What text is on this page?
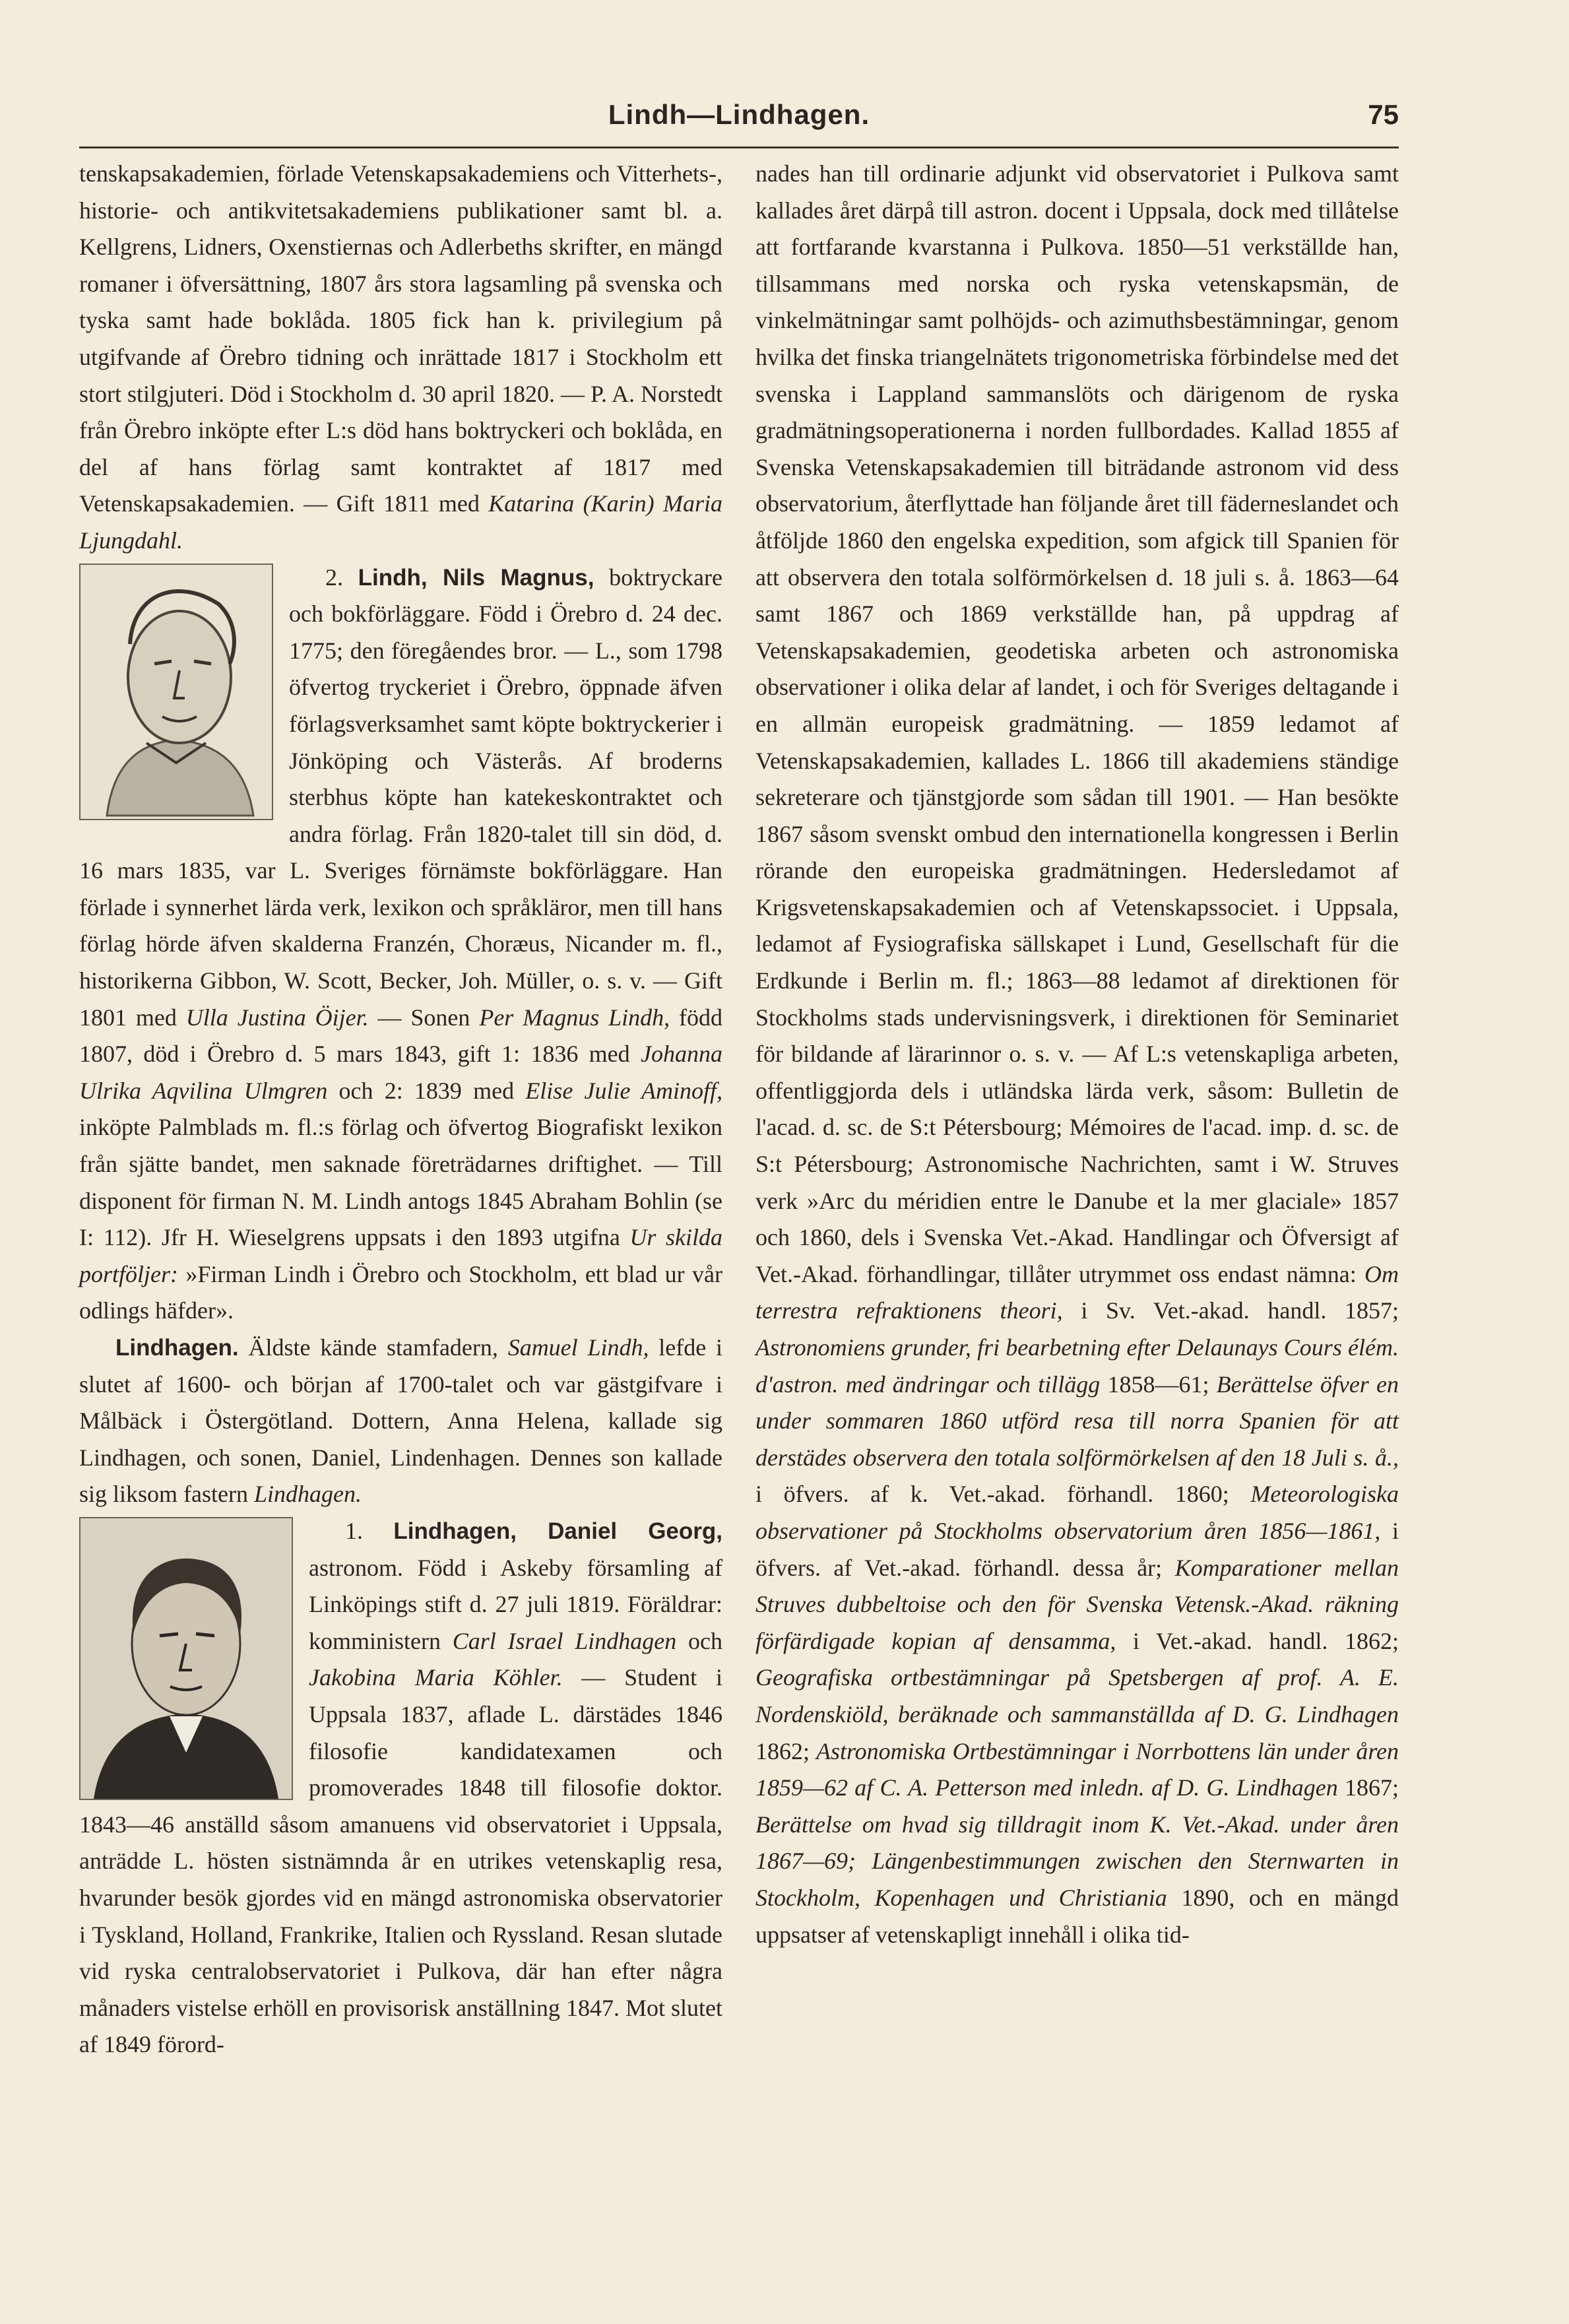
Lindh—Lindhagen.	75

tenskapsakademien, förlade Vetenskapsakademiens och Vitterhets-, historie- och antikvitetsakademiens publikationer samt bl. a. Kellgrens, Lidners, Oxenstiernas och Adlerbeths skrifter, en mängd romaner i öfversättning, 1807 års stora lagsamling på svenska och tyska samt hade boklåda. 1805 fick han k. privilegium på utgifvande af Örebro tidning och inrättade 1817 i Stockholm ett stort stilgjuteri. Död i Stockholm d. 30 april 1820. — P. A. Norstedt från Örebro inköpte efter L:s död hans boktryckeri och boklåda, en del af hans förlag samt kontraktet af 1817 med Vetenskapsakademien. — Gift 1811 med Katarina (Karin) Maria Ljungdahl.

2. Lindh, Nils Magnus,
boktryckare och bokförläggare. Född i Örebro d. 24 dec. 1775; den föregåendes bror. — L., som 1798 öfvertog tryckeriet i Örebro, öppnade äfven förlagsverksamhet samt köpte boktryckerier i Jönköping och Västerås. Af broderns sterbhus köpte han katekeskontraktet och andra förlag. Från 1820-talet till sin död, d. 16 mars 1835, var L. Sveriges förnämste bokförläggare. Han förlade i synnerhet lärda verk, lexikon och språkläror, men till hans förlag hörde äfven skalderna Franzén, Choræus, Nicander m. fl., historikerna Gibbon, W. Scott, Becker, Joh. Müller, o. s. v. — Gift 1801 med Ulla Justina Öijer. — Sonen Per Magnus Lindh, född 1807, död i Örebro d. 5 mars 1843, gift 1: 1836 med Johanna Ulrika Aqvilina Ulmgren och 2: 1839 med Elise Julie Aminoff, inköpte Palmblads m. fl.:s förlag och öfvertog Biografiskt lexikon från sjätte bandet, men saknade företrädarnes driftighet. — Till disponent för firman N. M. Lindh antogs 1845 Abraham Bohlin (se I: 112). Jfr H. Wieselgrens uppsats i den 1893 utgifna Ur skilda portföljer: »Firman Lindh i Örebro och Stockholm, ett blad ur vår odlings häfder».

Lindhagen. Äldste kände stamfadern, Samuel Lindh, lefde i slutet af 1600- och början af 1700-talet och var gästgifvare i Målbäck i Östergötland. Dottern, Anna Helena, kallade sig Lindhagen, och sonen, Daniel, Lindenhagen. Dennes son kallade sig liksom fastern Lindhagen.

1. Lindhagen, Daniel Georg,
astronom. Född i Askeby församling af Linköpings stift d. 27 juli 1819. Föräldrar: komministern Carl Israel Lindhagen och Jakobina Maria Köhler. — Student i Uppsala 1837, aflade L. därstädes 1846 filosofie kandidatexamen och promoverades 1848 till filosofie doktor. 1843—46 anställd såsom amanuens vid observatoriet i Uppsala, anträdde L. hösten sistnämnda år en utrikes vetenskaplig resa, hvarunder besök gjordes vid en mängd astronomiska observatorier i Tyskland, Holland, Frankrike, Italien och Ryssland. Resan slutade vid ryska centralobservatoriet i Pulkova, där han efter några månaders vistelse erhöll en provisorisk anställning 1847. Mot slutet af 1849 förord-

nades han till ordinarie adjunkt vid observatoriet i Pulkova samt kallades året därpå till astron. docent i Uppsala, dock med tillåtelse att fortfarande kvarstanna i Pulkova. 1850—51 verkställde han, tillsammans med norska och ryska vetenskapsmän, de vinkelmätningar samt polhöjds- och azimuthsbestämningar, genom hvilka det finska triangelnätets trigonometriska förbindelse med det svenska i Lappland sammanslöts och därigenom de ryska gradmätningsoperationerna i norden fullbordades. Kallad 1855 af Svenska Vetenskapsakademien till biträdande astronom vid dess observatorium, återflyttade han följande året till fäderneslandet och åtföljde 1860 den engelska expedition, som afgick till Spanien för att observera den totala solförmörkelsen d. 18 juli s. å. 1863—64 samt 1867 och 1869 verkställde han, på uppdrag af Vetenskapsakademien, geodetiska arbeten och astronomiska observationer i olika delar af landet, i och för Sveriges deltagande i en allmän europeisk gradmätning. — 1859 ledamot af Vetenskapsakademien, kallades L. 1866 till akademiens ständige sekreterare och tjänstgjorde som sådan till 1901. — Han besökte 1867 såsom svenskt ombud den internationella kongressen i Berlin rörande den europeiska gradmätningen. Hedersledamot af Krigsvetenskapsakademien och af Vetenskapssociet. i Uppsala, ledamot af Fysiografiska sällskapet i Lund, Gesellschaft für die Erdkunde i Berlin m. fl.; 1863—88 ledamot af direktionen för Stockholms stads undervisningsverk, i direktionen för Seminariet för bildande af lärarinnor o. s. v. — Af L:s vetenskapliga arbeten, offentliggjorda dels i utländska lärda verk, såsom: Bulletin de l'acad. d. sc. de S:t Pétersbourg; Mémoires de l'acad. imp. d. sc. de S:t Pétersbourg; Astronomische Nachrichten, samt i W. Struves verk »Arc du méridien entre le Danube et la mer glaciale» 1857 och 1860, dels i Svenska Vet.-Akad. Handlingar och Öfversigt af Vet.-Akad. förhandlingar, tillåter utrymmet oss endast nämna: Om terrestra refraktionens theori, i Sv. Vet.-akad. handl. 1857; Astronomiens grunder, fri bearbetning efter Delaunays Cours élém. d'astron. med ändringar och tillägg 1858—61; Berättelse öfver en under sommaren 1860 utförd resa till norra Spanien för att derstädes observera den totala solförmörkelsen af den 18 Juli s. å., i öfvers. af k. Vet.-akad. förhandl. 1860; Meteorologiska observationer på Stockholms observatorium åren 1856—1861, i öfvers. af Vet.-akad. förhandl. dessa år; Komparationer mellan Struves dubbeltoise och den för Svenska Vetensk.-Akad. räkning förfärdigade kopian af densamma, i Vet.-akad. handl. 1862; Geografiska ortbestämningar på Spetsbergen af prof. A. E. Nordenskiöld, beräknade och sammanställda af D. G. Lindhagen 1862; Astronomiska Ortbestämningar i Norrbottens län under åren 1859—62 af C. A. Petterson med inledn. af D. G. Lindhagen 1867; Berättelse om hvad sig tilldragit inom K. Vet.-Akad. under åren 1867—69; Längenbestimmungen zwischen den Sternwarten in Stockholm, Kopenhagen und Christiania 1890, och en mängd uppsatser af vetenskapligt innehåll i olika tid-
